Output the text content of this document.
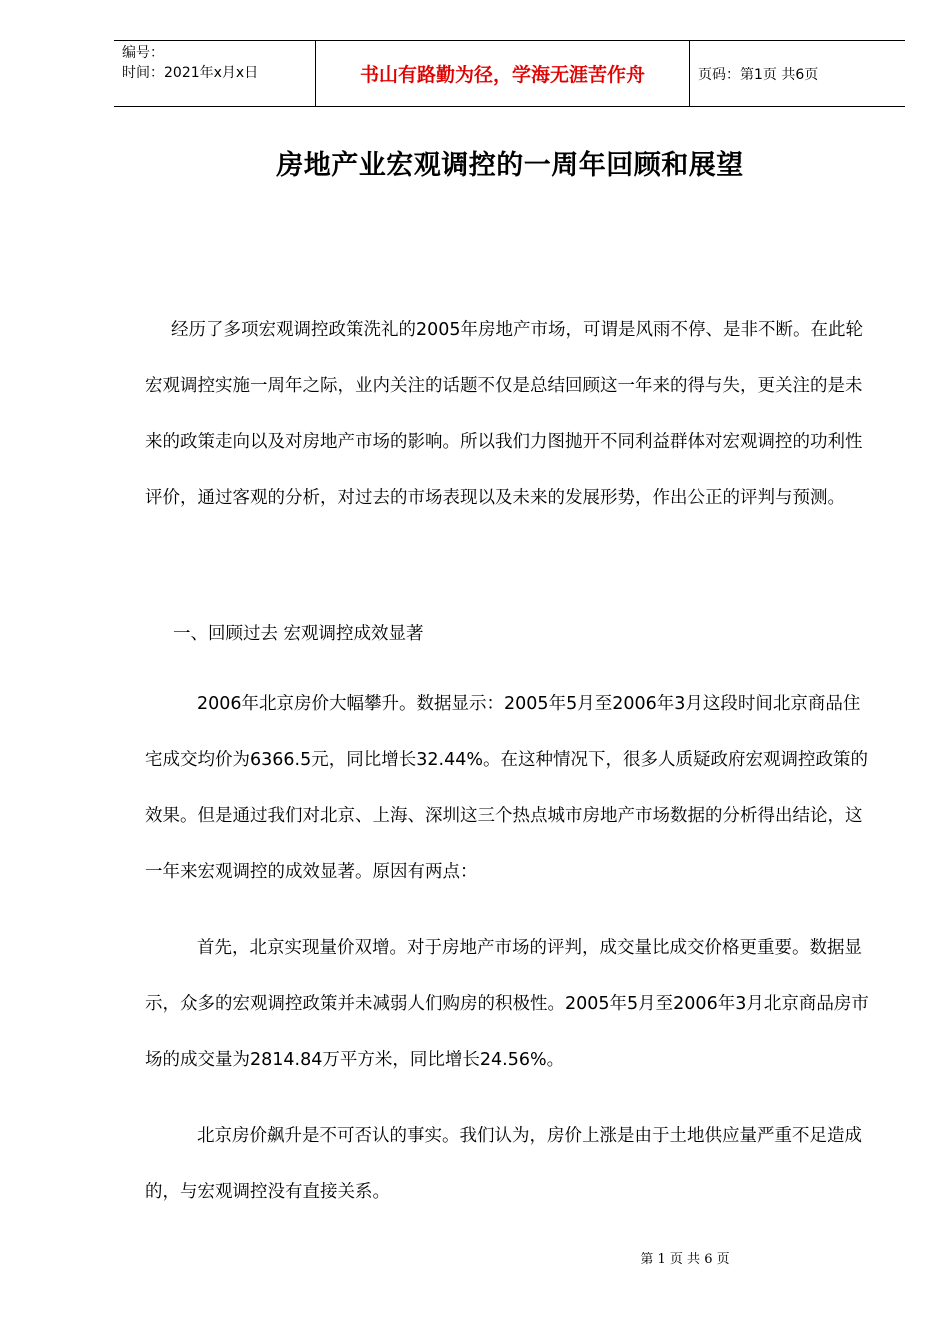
编号：
时间：2021年x月x日	书山有路勤为径，学海无涯苦作舟	页码：第1页 共6页
房地产业宏观调控的一周年回顾和展望

经历了多项宏观调控政策洗礼的2005年房地产市场，可谓是风雨不停、是非不断。在此轮宏观调控实施一周年之际，业内关注的话题不仅是总结回顾这一年来的得与失，更关注的是未来的政策走向以及对房地产市场的影响。所以我们力图抛开不同利益群体对宏观调控的功利性评价，通过客观的分析，对过去的市场表现以及未来的发展形势，作出公正的评判与预测。

一、回顾过去 宏观调控成效显著

2006年北京房价大幅攀升。数据显示：2005年5月至2006年3月这段时间北京商品住宅成交均价为6366.5元，同比增长32.44%。在这种情况下，很多人质疑政府宏观调控政策的效果。但是通过我们对北京、上海、深圳这三个热点城市房地产市场数据的分析得出结论，这一年来宏观调控的成效显著。原因有两点：

首先，北京实现量价双增。对于房地产市场的评判，成交量比成交价格更重要。数据显示，众多的宏观调控政策并未减弱人们购房的积极性。2005年5月至2006年3月北京商品房市场的成交量为2814.84万平方米，同比增长24.56%。

北京房价飙升是不可否认的事实。我们认为，房价上涨是由于土地供应量严重不足造成的，与宏观调控没有直接关系。

第 1 页 共 6 页
